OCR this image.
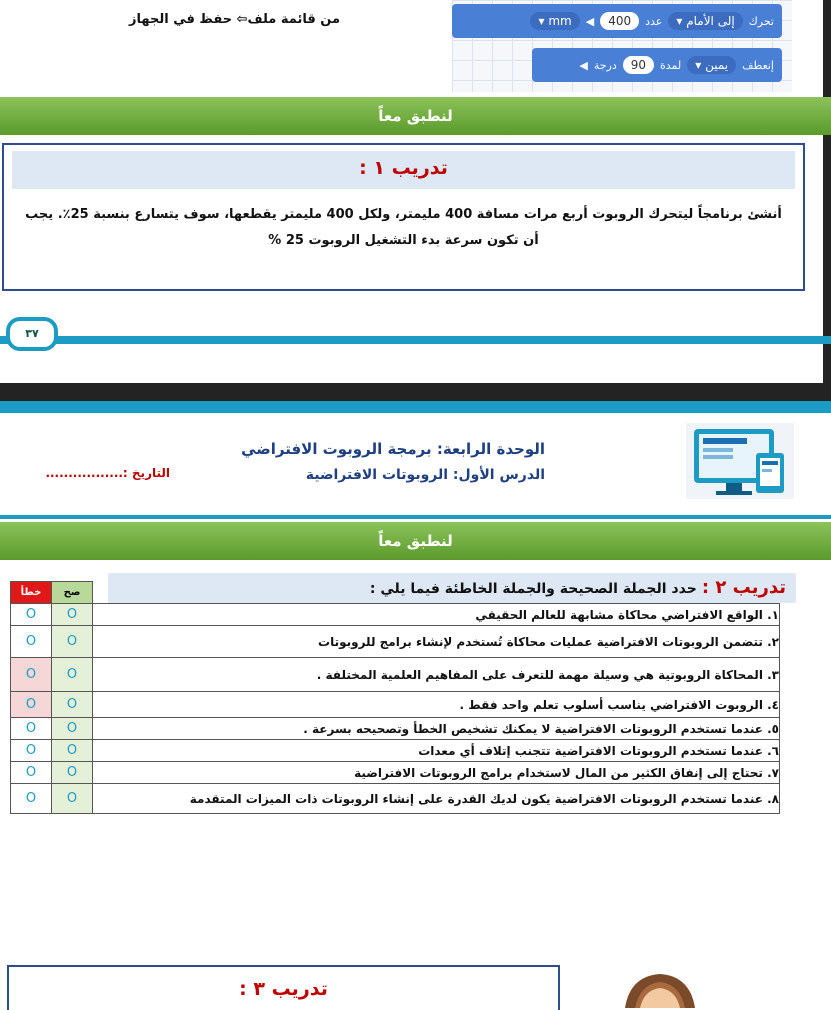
من قائمة ملف⇦ حفظ في الجهاز	تحرك
إلى الأمام ▾
عدد
400
◀
mm ▾
إنعطف
يمين ▾
لمدة
90
درجة
◀
لنطبق معاً
تدريب ١ :
أنشئ برنامجاً ليتحرك الروبوت أربع مرات مسافة 400 مليمتر، ولكل 400 مليمتر يقطعها، سوف يتسارع بنسبة 25٪. يجب أن تكون سرعة بدء التشغيل الروبوت 25 %
٣٧
الوحدة الرابعة: برمجة الروبوت الافتراضي
الدرس الأول: الروبوتات الافتراضية
التاريخ :.................
لنطبق معاً
تدريب ٢ : حدد الجملة الصحيحة والجملة الخاطئة فيما يلي :
خطأ	صح	
O	O	١. الواقع الافتراضي محاكاة مشابهة للعالم الحقيقي
O	O	٢. تتضمن الروبوتات الافتراضية عمليات محاكاة تُستخدم لإنشاء برامج للروبوتات
O	O	٣. المحاكاة الروبوتية هي وسيلة مهمة للتعرف على المفاهيم العلمية المختلفة .
O	O	٤. الروبوت الافتراضي يناسب أسلوب تعلم واحد فقط .
O	O	٥. عندما تستخدم الروبوتات الافتراضية لا يمكنك تشخيص الخطأ وتصحيحه بسرعة .
O	O	٦. عندما تستخدم الروبوتات الافتراضية تتجنب إتلاف أي معدات
O	O	٧. تحتاج إلى إنفاق الكثير من المال لاستخدام برامج الروبوتات الافتراضية
O	O	٨. عندما تستخدم الروبوتات الافتراضية يكون لديك القدرة على إنشاء الروبوتات ذات الميزات المتقدمة
تدريب ٣ :
